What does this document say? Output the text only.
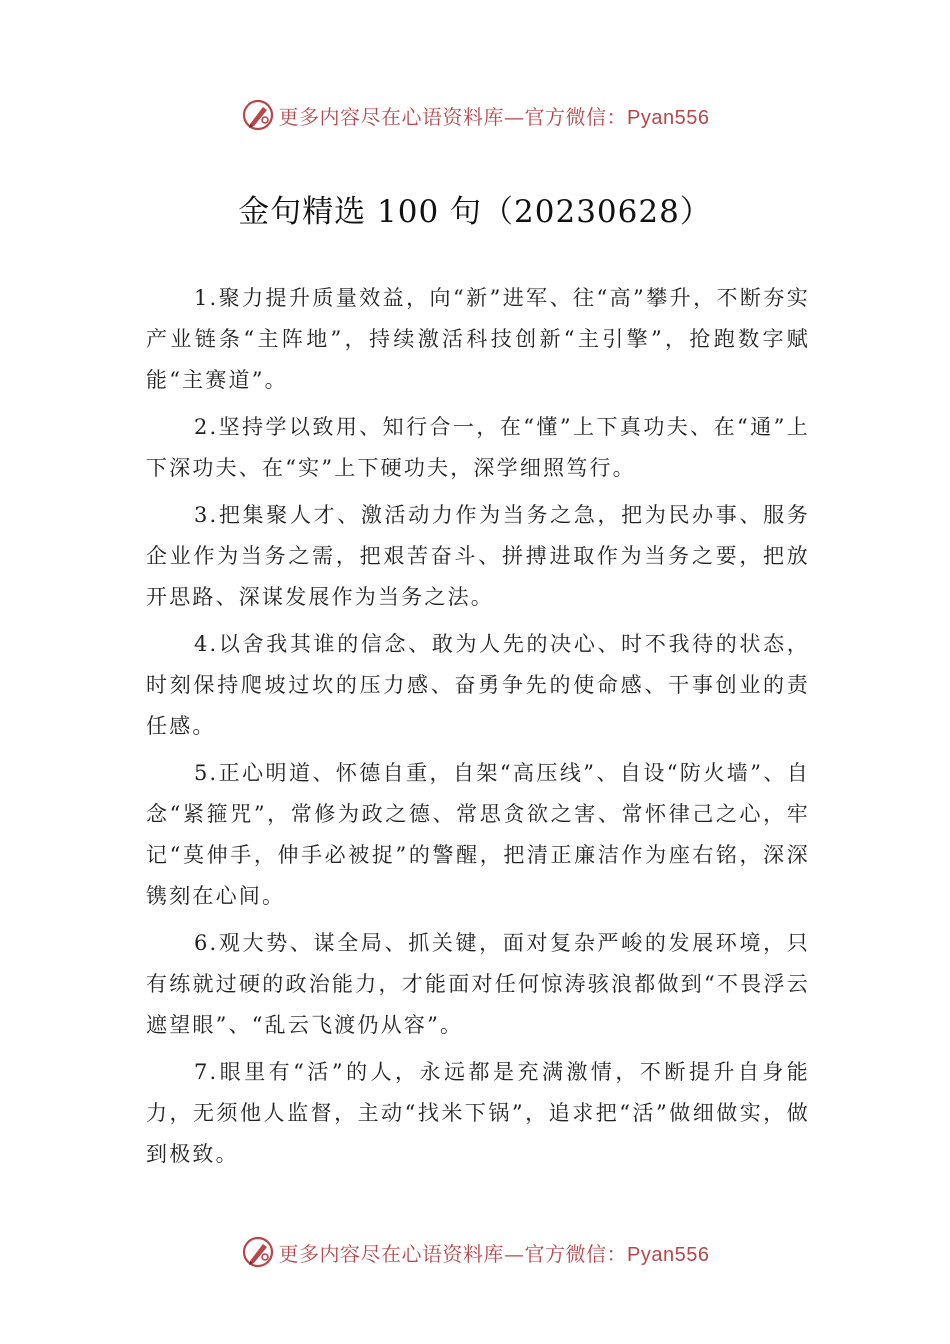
更多内容尽在心语资料库—官方微信：Pyan556
金句精选 100 句（20230628）

1.聚力提升质量效益，向“新”进军、往“高”攀升，不断夯实产业链条“主阵地”，持续激活科技创新“主引擎”，抢跑数字赋能“主赛道”。

2.坚持学以致用、知行合一，在“懂”上下真功夫、在“通”上下深功夫、在“实”上下硬功夫，深学细照笃行。

3.把集聚人才、激活动力作为当务之急，把为民办事、服务企业作为当务之需，把艰苦奋斗、拼搏进取作为当务之要，把放开思路、深谋发展作为当务之法。

4.以舍我其谁的信念、敢为人先的决心、时不我待的状态，时刻保持爬坡过坎的压力感、奋勇争先的使命感、干事创业的责任感。

5.正心明道、怀德自重，自架“高压线”、自设“防火墙”、自念“紧箍咒”，常修为政之德、常思贪欲之害、常怀律己之心，牢记“莫伸手，伸手必被捉”的警醒，把清正廉洁作为座右铭，深深镌刻在心间。

6.观大势、谋全局、抓关键，面对复杂严峻的发展环境，只有练就过硬的政治能力，才能面对任何惊涛骇浪都做到“不畏浮云遮望眼”、“乱云飞渡仍从容”。

7.眼里有“活”的人，永远都是充满激情，不断提升自身能力，无须他人监督，主动“找米下锅”，追求把“活”做细做实，做到极致。

更多内容尽在心语资料库—官方微信：Pyan556
